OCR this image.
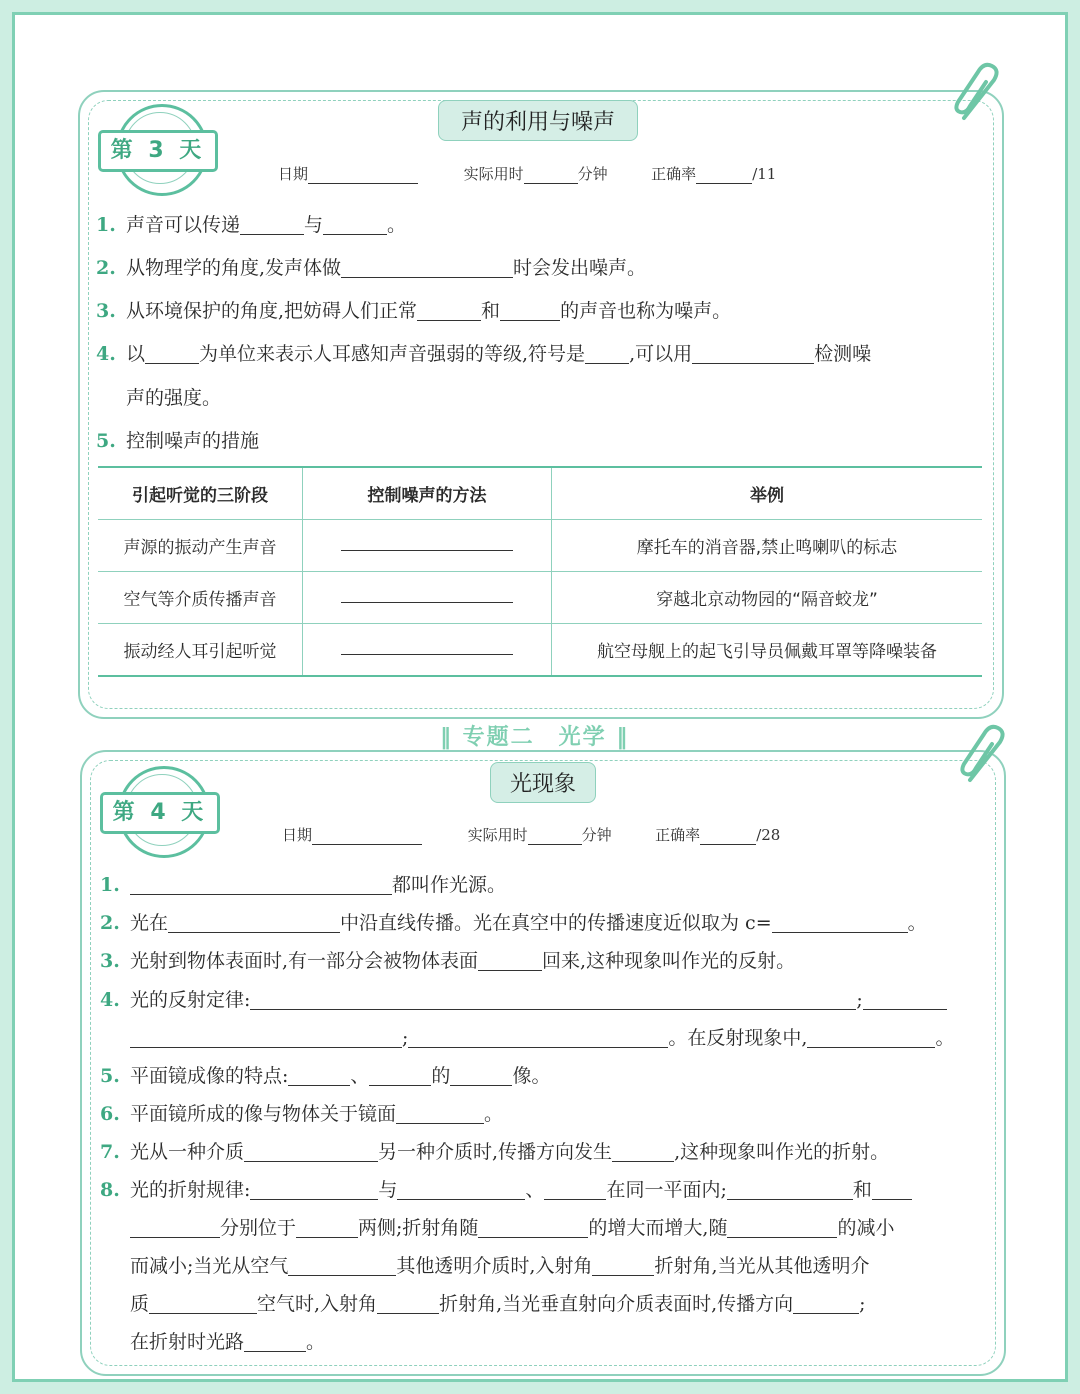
声的利用与噪声
第 3 天
日期	实际用时	分钟	正确率	/11
1. 声音可以传递	与	。
2. 从物理学的角度,发声体做	时会发出噪声。
3. 从环境保护的角度,把妨碍人们正常	和	的声音也称为噪声。
4. 以	为单位来表示人耳感知声音强弱的等级,符号是 ,可以用	检测噪
声的强度。
5. 控制噪声的措施
引起听觉的三阶段	控制噪声的方法	举例
声源的振动产生声音		摩托车的消音器,禁止鸣喇叭的标志
空气等介质传播声音		穿越北京动物园的“隔音蛟龙”
振动经人耳引起听觉		航空母舰上的起飞引导员佩戴耳罩等降噪装备
‖ 专题二　光学 ‖
光现象
第 4 天
日期	实际用时	分钟	正确率	/28
1.	都叫作光源。
2. 光在	中沿直线传播。光在真空中的传播速度近似取为 c=	。
3. 光射到物体表面时,有一部分会被物体表面	回来,这种现象叫作光的反射。
4. 光的反射定律:	;
;	。在反射现象中,	。
5. 平面镜成像的特点:	、	的	像。
6. 平面镜所成的像与物体关于镜面	。
7. 光从一种介质	另一种介质时,传播方向发生	,这种现象叫作光的折射。
8. 光的折射规律:	与	、	在同一平面内;	和
分别位于	两侧;折射角随	的增大而增大,随	的减小
而减小;当光从空气	其他透明介质时,入射角	折射角,当光从其他透明介
质	空气时,入射角	折射角,当光垂直射向介质表面时,传播方向	;
在折射时光路	。
